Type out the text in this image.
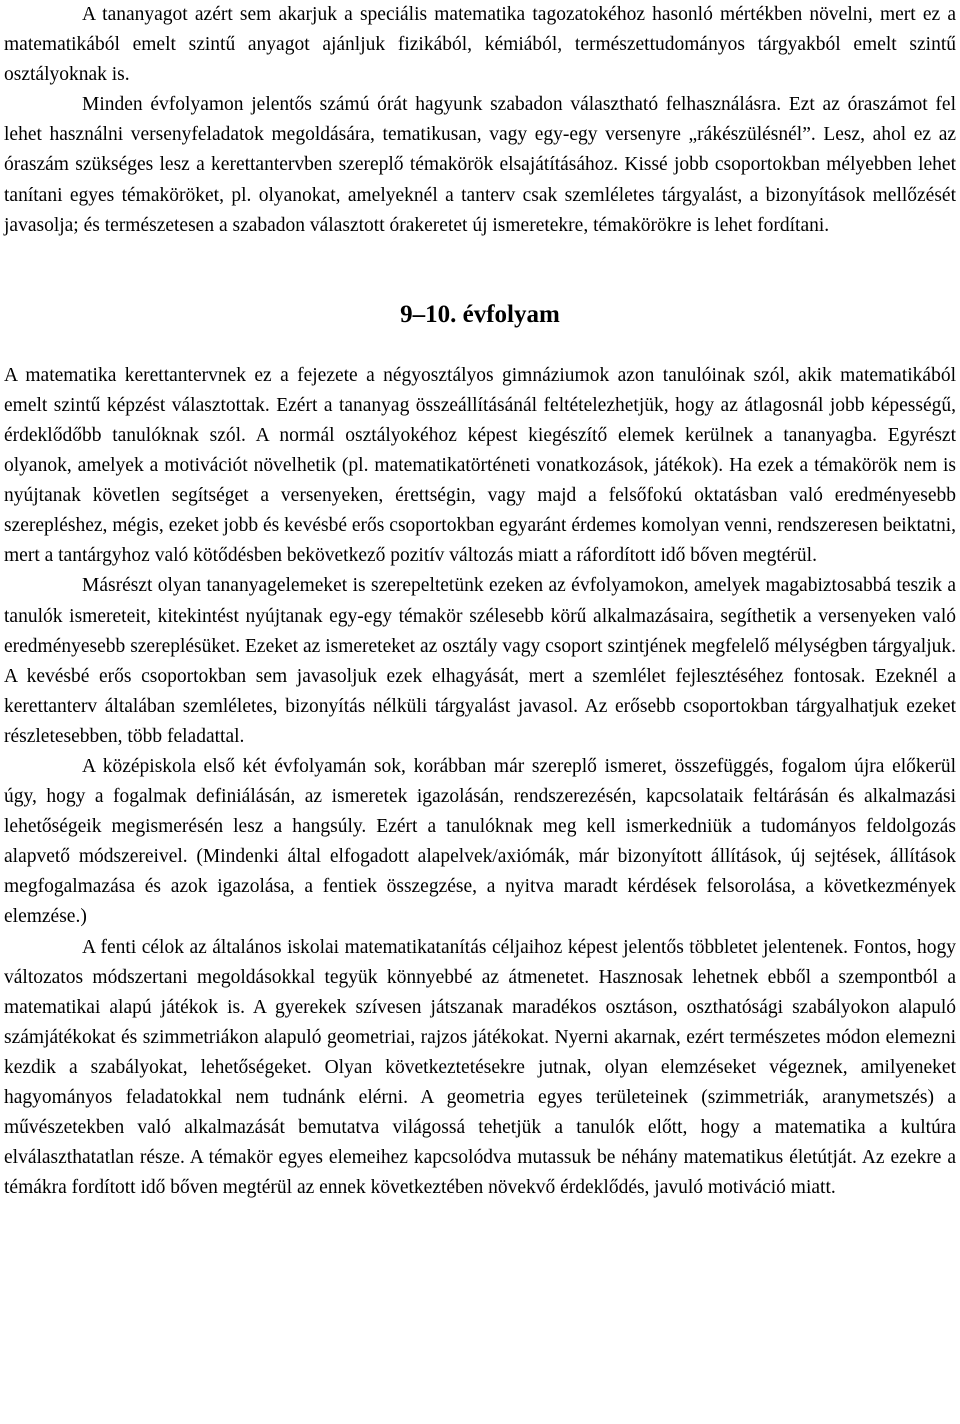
A tananyagot azért sem akarjuk a speciális matematika tagozatokéhoz hasonló mértékben növelni, mert ez a matematikából emelt szintű anyagot ajánljuk fizikából, kémiából, természettudományos tárgyakból emelt szintű osztályoknak is.

Minden évfolyamon jelentős számú órát hagyunk szabadon választható felhasználásra. Ezt az óraszámot fel lehet használni versenyfeladatok megoldására, tematikusan, vagy egy-egy versenyre „rákészülésnél”. Lesz, ahol ez az óraszám szükséges lesz a kerettantervben szereplő témakörök elsajátításához. Kissé jobb csoportokban mélyebben lehet tanítani egyes témaköröket, pl. olyanokat, amelyeknél a tanterv csak szemléletes tárgyalást, a bizonyítások mellőzését javasolja; és természetesen a szabadon választott órakeretet új ismeretekre, témakörökre is lehet fordítani.

9–10. évfolyam

A matematika kerettantervnek ez a fejezete a négyosztályos gimnáziumok azon tanulóinak szól, akik matematikából emelt szintű képzést választottak. Ezért a tananyag összeállításánál feltételezhetjük, hogy az átlagosnál jobb képességű, érdeklődőbb tanulóknak szól. A normál osztályokéhoz képest kiegészítő elemek kerülnek a tananyagba. Egyrészt olyanok, amelyek a motivációt növelhetik (pl. matematikatörténeti vonatkozások, játékok). Ha ezek a témakörök nem is nyújtanak követlen segítséget a versenyeken, érettségin, vagy majd a felsőfokú oktatásban való eredményesebb szerepléshez, mégis, ezeket jobb és kevésbé erős csoportokban egyaránt érdemes komolyan venni, rendszeresen beiktatni, mert a tantárgyhoz való kötődésben bekövetkező pozitív változás miatt a ráfordított idő bőven megtérül.

Másrészt olyan tananyagelemeket is szerepeltetünk ezeken az évfolyamokon, amelyek magabiztosabbá teszik a tanulók ismereteit, kitekintést nyújtanak egy-egy témakör szélesebb körű alkalmazásaira, segíthetik a versenyeken való eredményesebb szereplésüket. Ezeket az ismereteket az osztály vagy csoport szintjének megfelelő mélységben tárgyaljuk. A kevésbé erős csoportokban sem javasoljuk ezek elhagyását, mert a szemlélet fejlesztéséhez fontosak. Ezeknél a kerettanterv általában szemléletes, bizonyítás nélküli tárgyalást javasol. Az erősebb csoportokban tárgyalhatjuk ezeket részletesebben, több feladattal.

A középiskola első két évfolyamán sok, korábban már szereplő ismeret, összefüggés, fogalom újra előkerül úgy, hogy a fogalmak definiálásán, az ismeretek igazolásán, rendszerezésén, kapcsolataik feltárásán és alkalmazási lehetőségeik megismerésén lesz a hangsúly. Ezért a tanulóknak meg kell ismerkedniük a tudományos feldolgozás alapvető módszereivel. (Mindenki által elfogadott alapelvek/axiómák, már bizonyított állítások, új sejtések, állítások megfogalmazása és azok igazolása, a fentiek összegzése, a nyitva maradt kérdések felsorolása, a következmények elemzése.)

A fenti célok az általános iskolai matematikatanítás céljaihoz képest jelentős többletet jelentenek. Fontos, hogy változatos módszertani megoldásokkal tegyük könnyebbé az átmenetet. Hasznosak lehetnek ebből a szempontból a matematikai alapú játékok is. A gyerekek szívesen játszanak maradékos osztáson, oszthatósági szabályokon alapuló számjátékokat és szimmetriákon alapuló geometriai, rajzos játékokat. Nyerni akarnak, ezért természetes módon elemezni kezdik a szabályokat, lehetőségeket. Olyan következtetésekre jutnak, olyan elemzéseket végeznek, amilyeneket hagyományos feladatokkal nem tudnánk elérni. A geometria egyes területeinek (szimmetriák, aranymetszés) a művészetekben való alkalmazását bemutatva világossá tehetjük a tanulók előtt, hogy a matematika a kultúra elválaszthatatlan része. A témakör egyes elemeihez kapcsolódva mutassuk be néhány matematikus életútját. Az ezekre a témákra fordított idő bőven megtérül az ennek következtében növekvő érdeklődés, javuló motiváció miatt.
